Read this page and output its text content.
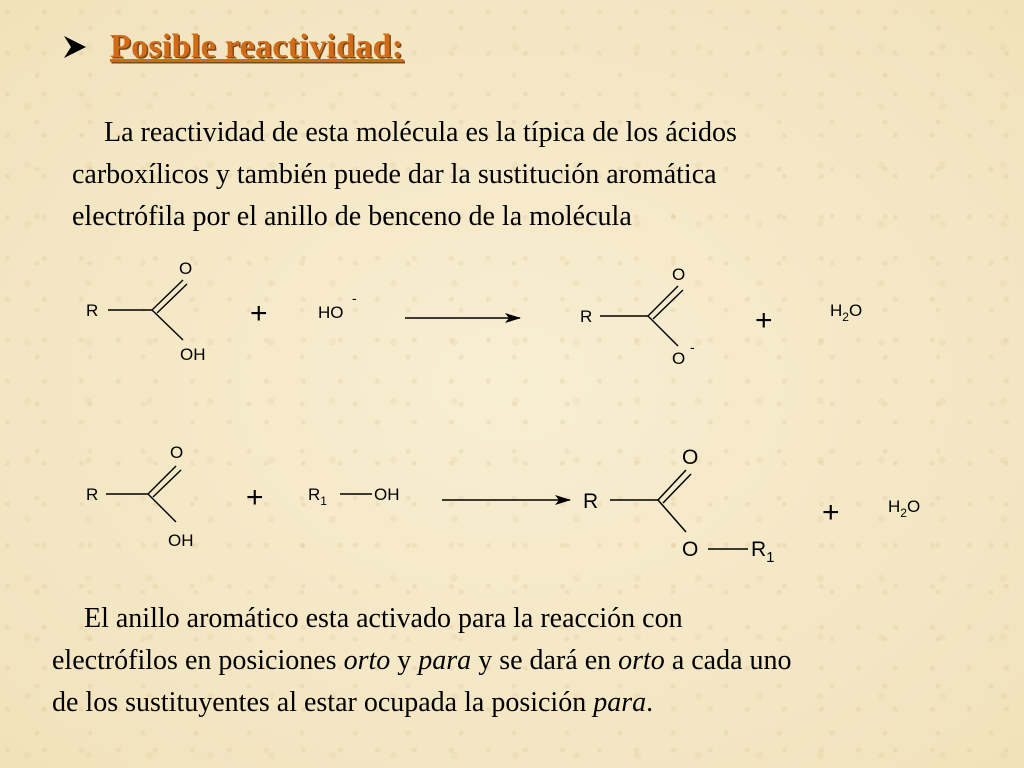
Posible reactividad:
La reactividad de esta molécula es la típica de los ácidos
carboxílicos y también puede dar la sustitución aromática
electrófila por el anillo de benceno de la molécula
R
O
OH
+	HO
-
R
O
O
-
+	$H_2O$
R
O
OH
+	$R_1$	OH	R
O
O	$R_1$
+	$H_2O$
El anillo aromático esta activado para la reacción con
electrófilos en posiciones orto y para y se dará en orto a cada uno
de los sustituyentes al estar ocupada la posición para.
